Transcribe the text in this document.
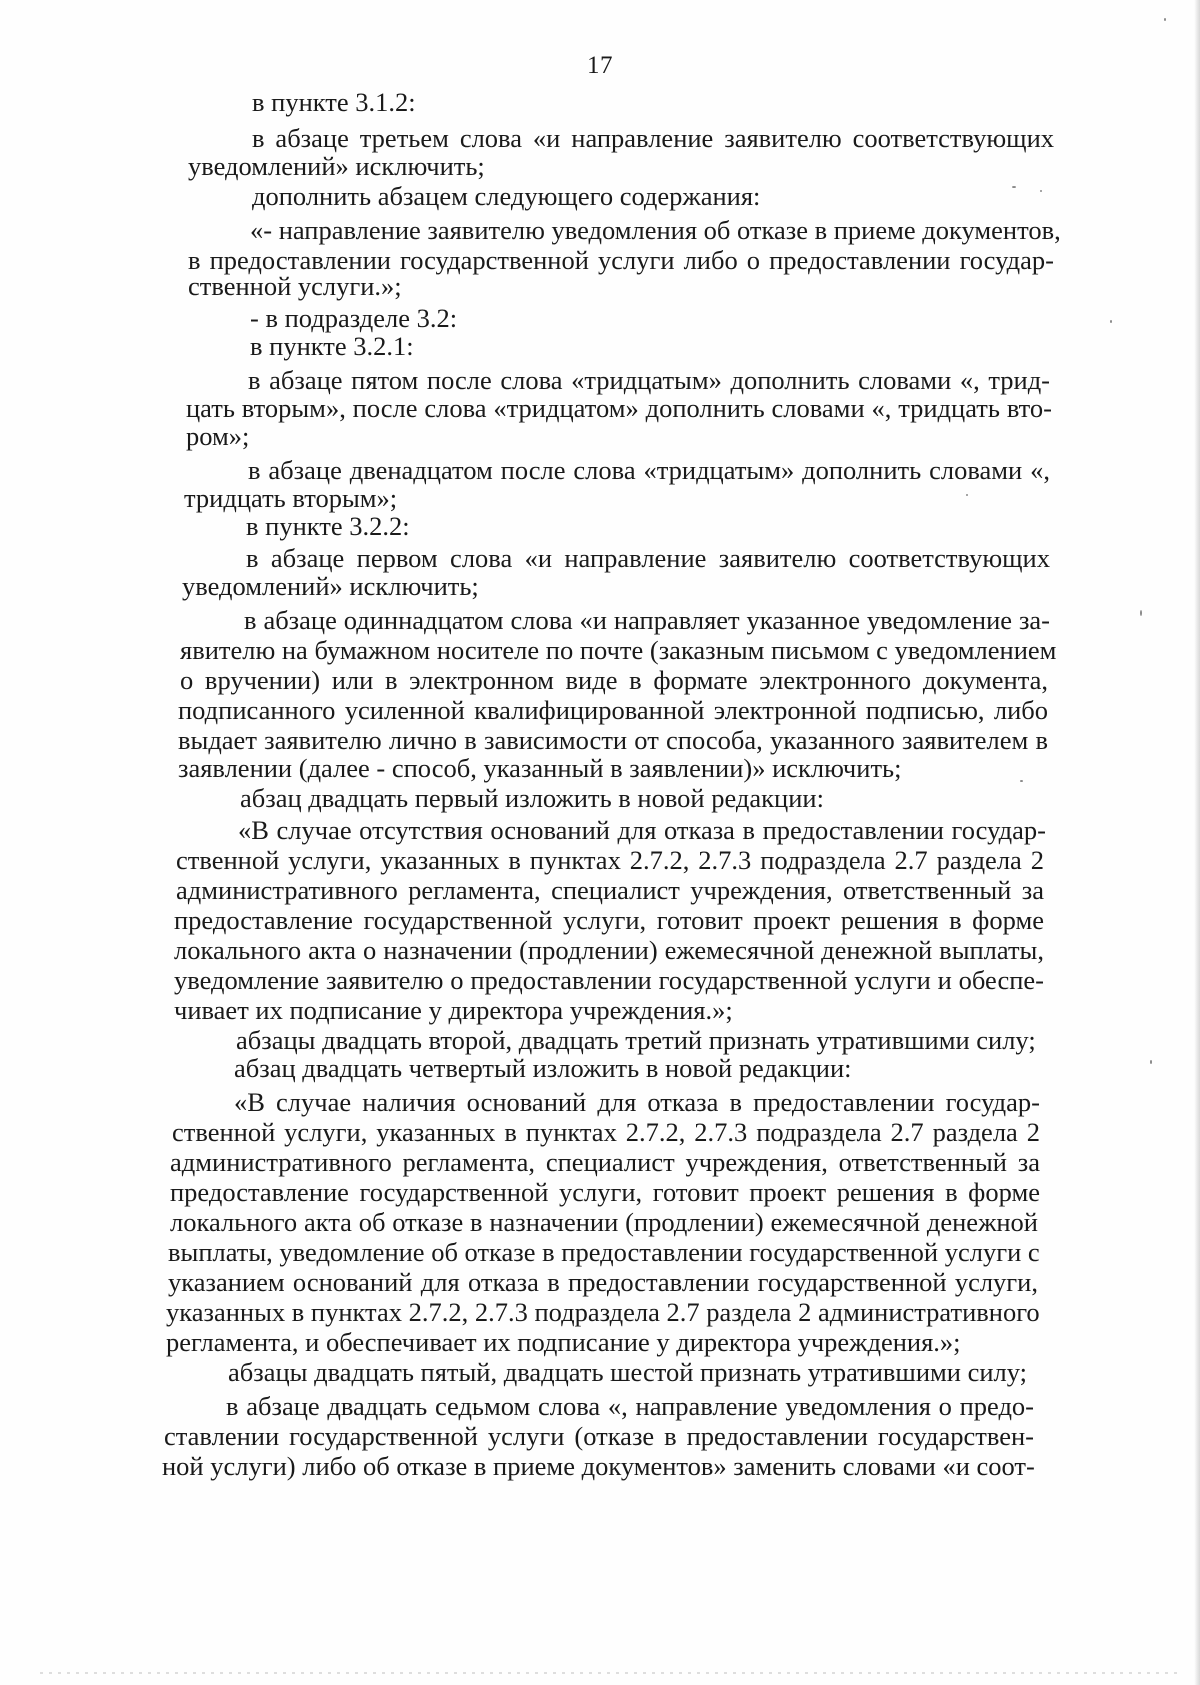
17
в пункте 3.1.2:
в абзаце третьем слова «и направление заявителю соответствующих
уведомлений» исключить;
дополнить абзацем следующего содержания:
«- направление заявителю уведомления об отказе в приеме документов,
в предоставлении государственной услуги либо о предоставлении государ-
ственной услуги.»;
- в подразделе 3.2:
в пункте 3.2.1:
в абзаце пятом после слова «тридцатым» дополнить словами «, трид-
цать вторым», после слова «тридцатом» дополнить словами «, тридцать вто-
ром»;
в абзаце двенадцатом после слова «тридцатым» дополнить словами «,
тридцать вторым»;
в пункте 3.2.2:
в абзаце первом слова «и направление заявителю соответствующих
уведомлений» исключить;
в абзаце одиннадцатом слова «и направляет указанное уведомление за-
явителю на бумажном носителе по почте (заказным письмом с уведомлением
о вручении) или в электронном виде в формате электронного документа,
подписанного усиленной квалифицированной электронной подписью, либо
выдает заявителю лично в зависимости от способа, указанного заявителем в
заявлении (далее - способ, указанный в заявлении)» исключить;
абзац двадцать первый изложить в новой редакции:
«В случае отсутствия оснований для отказа в предоставлении государ-
ственной услуги, указанных в пунктах 2.7.2, 2.7.3 подраздела 2.7 раздела 2
административного регламента, специалист учреждения, ответственный за
предоставление государственной услуги, готовит проект решения в форме
локального акта о назначении (продлении) ежемесячной денежной выплаты,
уведомление заявителю о предоставлении государственной услуги и обеспе-
чивает их подписание у директора учреждения.»;
абзацы двадцать второй, двадцать третий признать утратившими силу;
абзац двадцать четвертый изложить в новой редакции:
«В случае наличия оснований для отказа в предоставлении государ-
ственной услуги, указанных в пунктах 2.7.2, 2.7.3 подраздела 2.7 раздела 2
административного регламента, специалист учреждения, ответственный за
предоставление государственной услуги, готовит проект решения в форме
локального акта об отказе в назначении (продлении) ежемесячной денежной
выплаты, уведомление об отказе в предоставлении государственной услуги с
указанием оснований для отказа в предоставлении государственной услуги,
указанных в пунктах 2.7.2, 2.7.3 подраздела 2.7 раздела 2 административного
регламента, и обеспечивает их подписание у директора учреждения.»;
абзацы двадцать пятый, двадцать шестой признать утратившими силу;
в абзаце двадцать седьмом слова «, направление уведомления о предо-
ставлении государственной услуги (отказе в предоставлении государствен-
ной услуги) либо об отказе в приеме документов» заменить словами «и соот-
